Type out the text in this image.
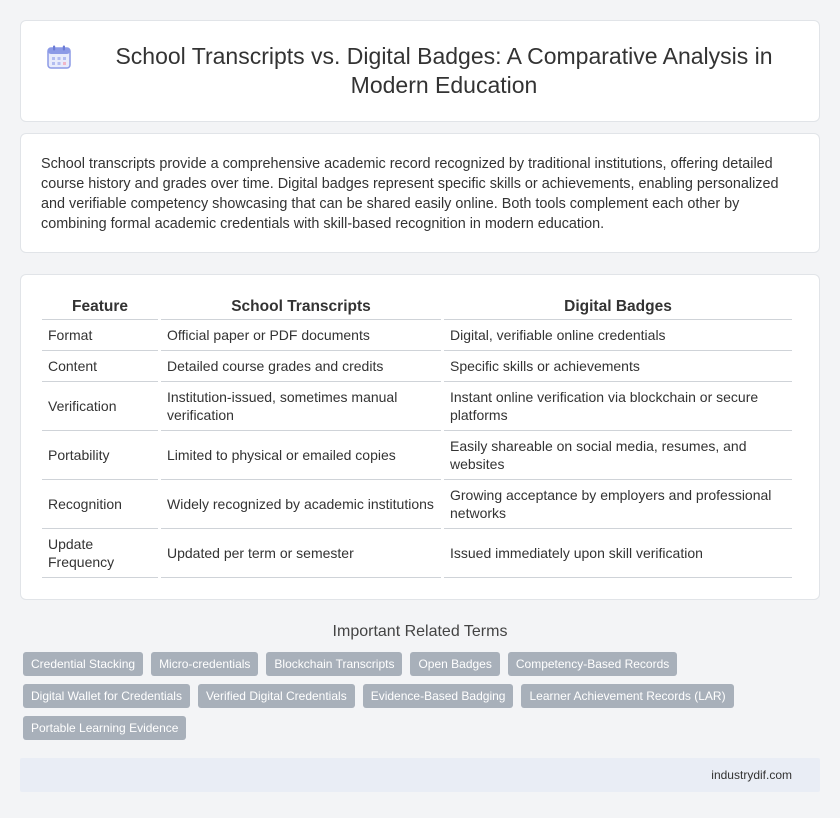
School Transcripts vs. Digital Badges: A Comparative Analysis in Modern Education

School transcripts provide a comprehensive academic record recognized by traditional institutions, offering detailed course history and grades over time. Digital badges represent specific skills or achievements, enabling personalized and verifiable competency showcasing that can be shared easily online. Both tools complement each other by combining formal academic credentials with skill-based recognition in modern education.

Feature	School Transcripts	Digital Badges
Format	Official paper or PDF documents	Digital, verifiable online credentials
Content	Detailed course grades and credits	Specific skills or achievements
Verification	Institution-issued, sometimes manual verification	Instant online verification via blockchain or secure platforms
Portability	Limited to physical or emailed copies	Easily shareable on social media, resumes, and websites
Recognition	Widely recognized by academic institutions	Growing acceptance by employers and professional networks
Update Frequency	Updated per term or semester	Issued immediately upon skill verification
Important Related Terms
Credential Stacking	Micro-credentials	Blockchain Transcripts	Open Badges	Competency-Based Records
Digital Wallet for Credentials	Verified Digital Credentials	Evidence-Based Badging	Learner Achievement Records (LAR)
Portable Learning Evidence
industrydif.com
